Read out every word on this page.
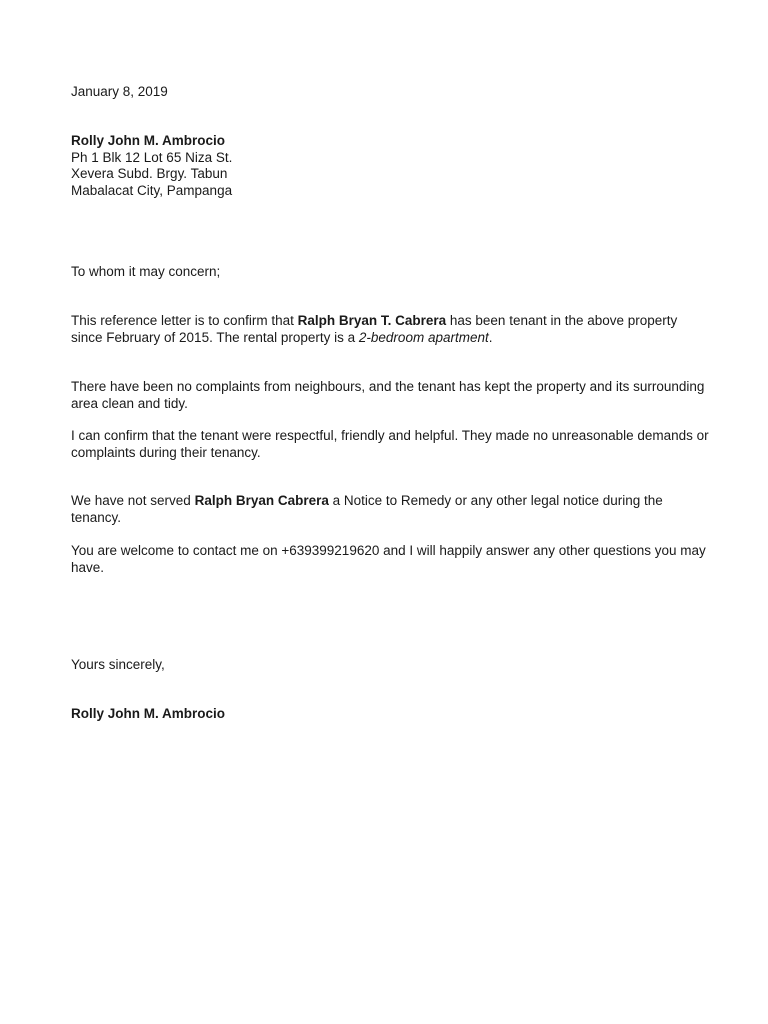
January 8, 2019
Rolly John M. Ambrocio
Ph 1 Blk 12 Lot 65 Niza St.
Xevera Subd. Brgy. Tabun
Mabalacat City, Pampanga
To whom it may concern;
This reference letter is to confirm that Ralph Bryan T. Cabrera has been tenant in the above property since February of 2015. The rental property is a 2-bedroom apartment.
There have been no complaints from neighbours, and the tenant has kept the property and its surrounding area clean and tidy.
I can confirm that the tenant were respectful, friendly and helpful. They made no unreasonable demands or complaints during their tenancy.
We have not served Ralph Bryan Cabrera a Notice to Remedy or any other legal notice during the tenancy.
You are welcome to contact me on +639399219620 and I will happily answer any other questions you may have.
Yours sincerely,
Rolly John M. Ambrocio
